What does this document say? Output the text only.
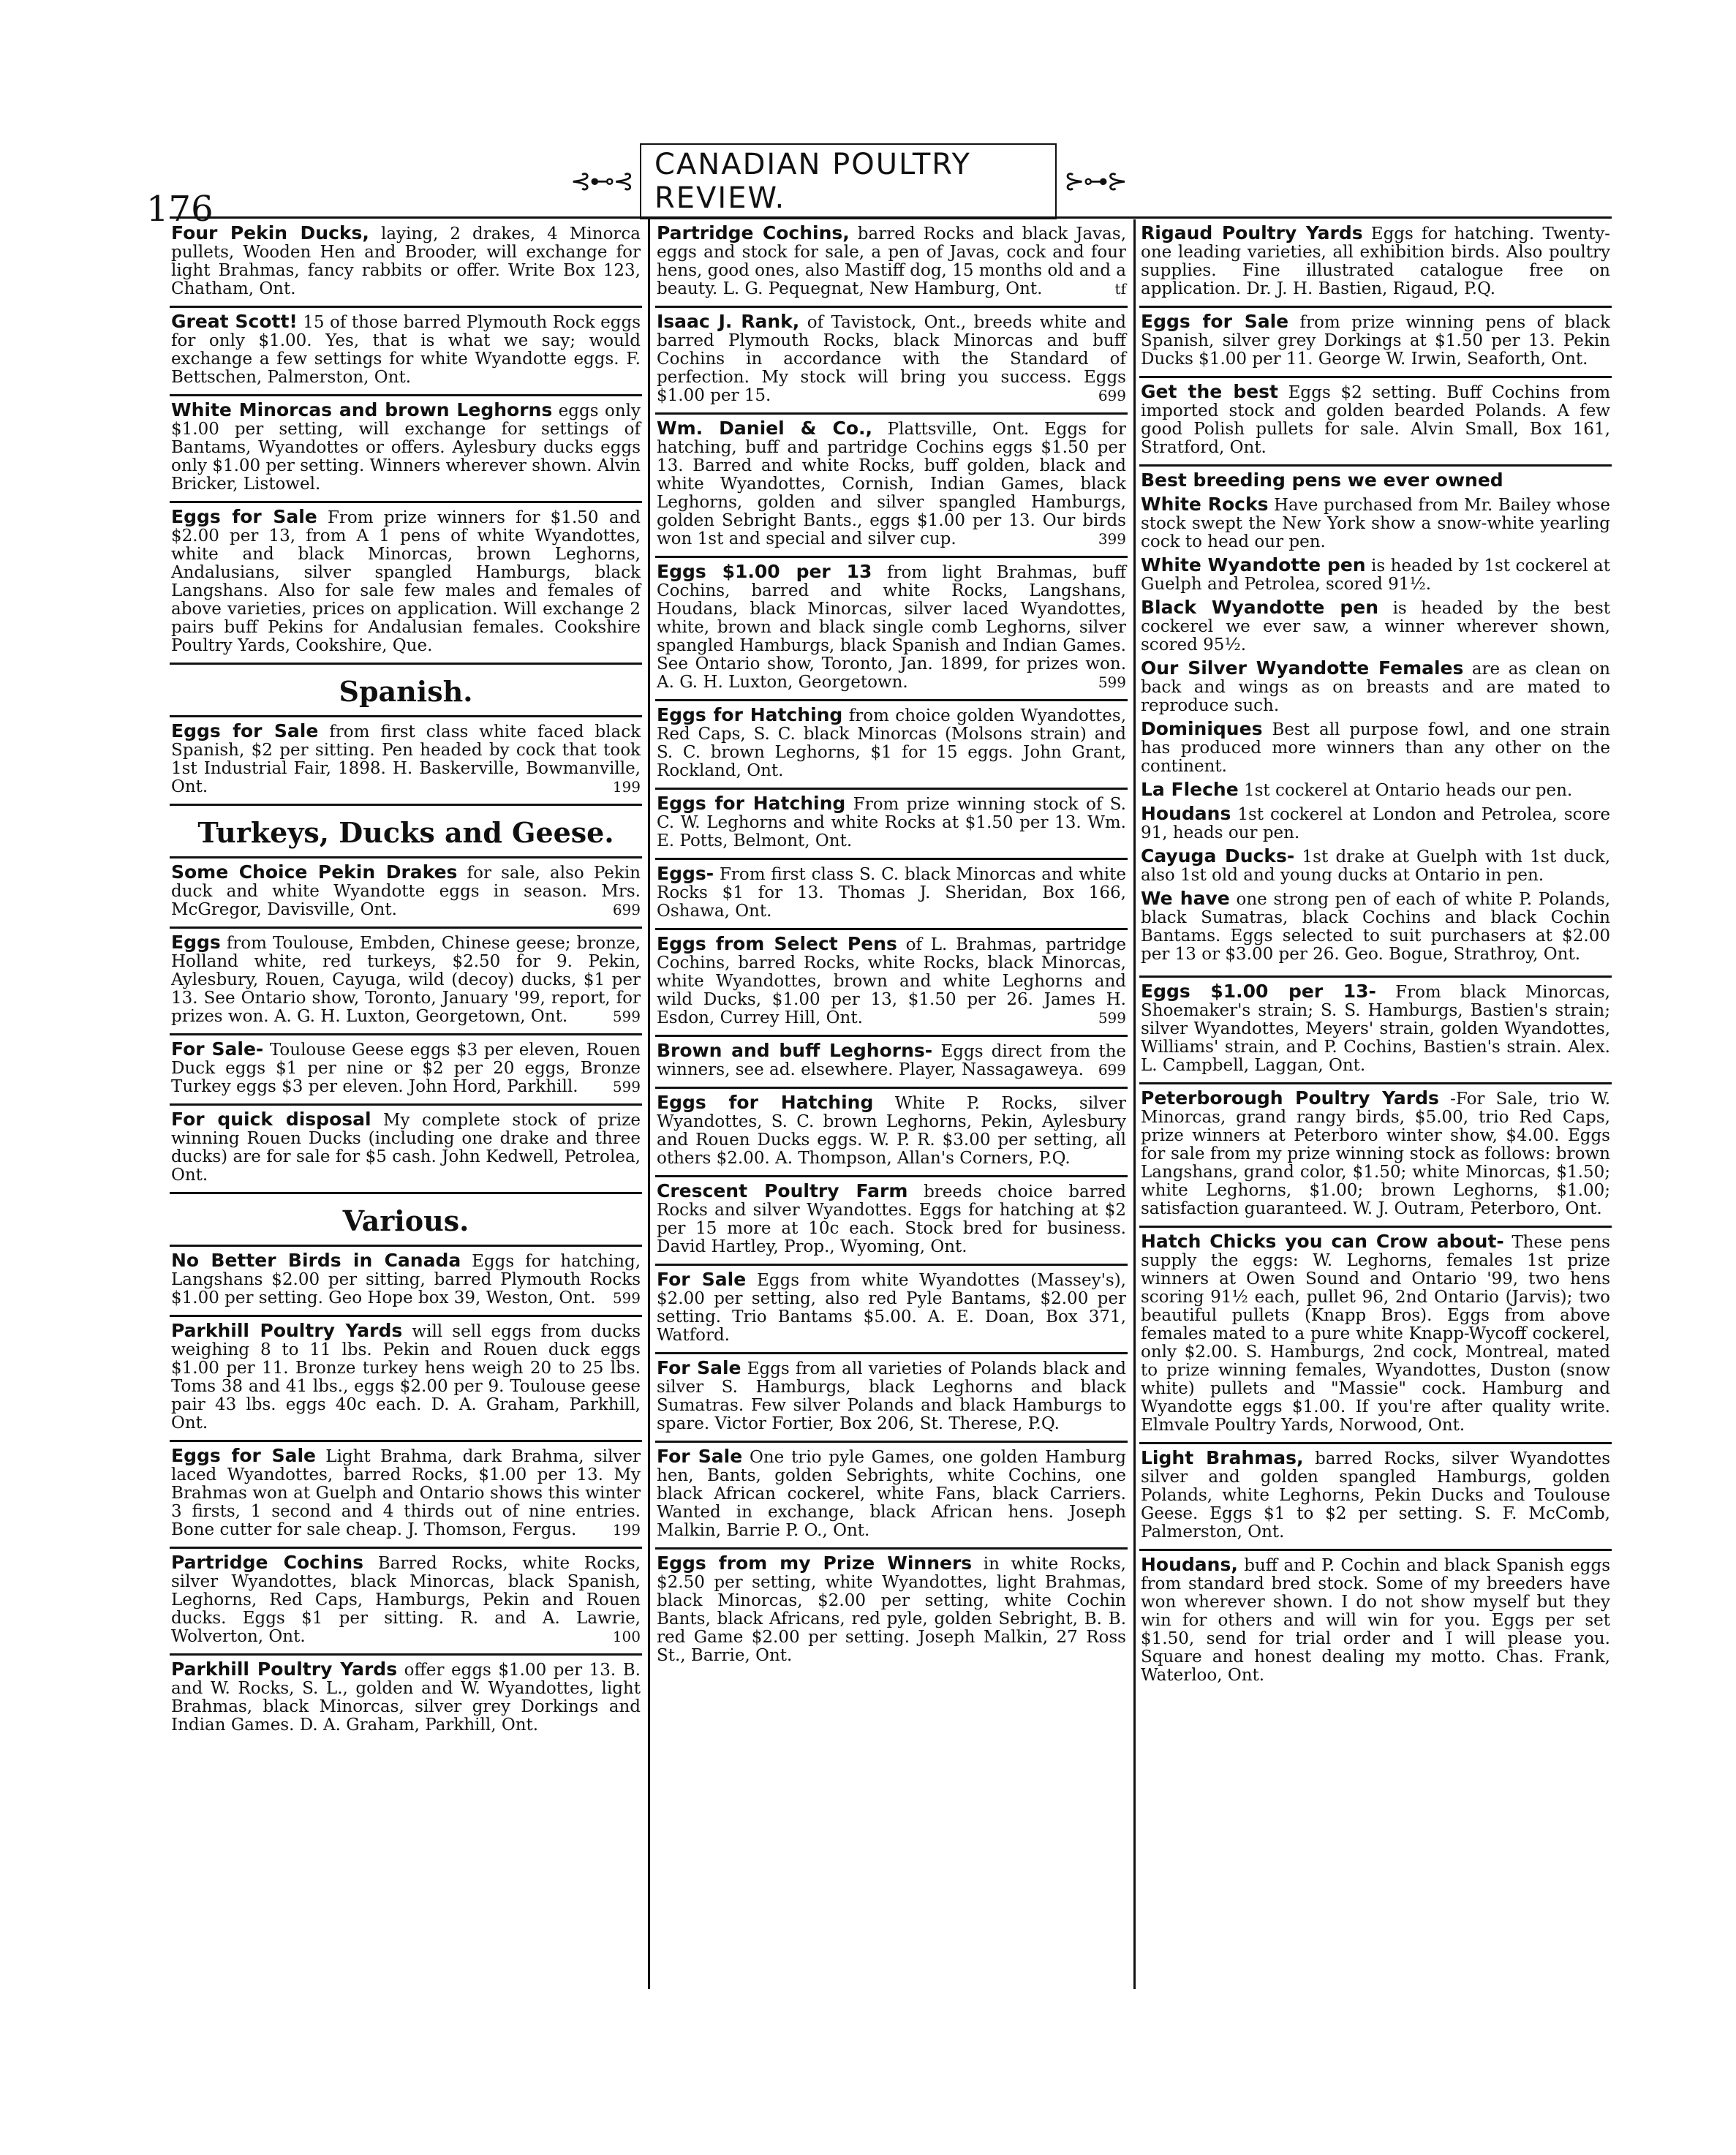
176
⊰⊷⊰ CANADIAN POULTRY REVIEW.	⊱⊶⊱
Four Pekin Ducks, laying, 2 drakes, 4 Minorca pullets, Wooden Hen and Brooder, will exchange for light Brahmas, fancy rabbits or offer. Write Box 123, Chatham, Ont.
Great Scott! 15 of those barred Plymouth Rock eggs for only $1.00. Yes, that is what we say; would exchange a few settings for white Wyandotte eggs. F. Bettschen, Palmerston, Ont.
White Minorcas and brown Leghorns eggs only $1.00 per setting, will exchange for settings of Bantams, Wyandottes or offers. Aylesbury ducks eggs only $1.00 per setting. Winners wherever shown. Alvin Bricker, Listowel.
Eggs for Sale From prize winners for $1.50 and $2.00 per 13, from A 1 pens of white Wyandottes, white and black Minorcas, brown Leghorns, Andalusians, silver spangled Hamburgs, black Langshans. Also for sale few males and females of above varieties, prices on application. Will exchange 2 pairs buff Pekins for Andalusian females. Cookshire Poultry Yards, Cookshire, Que.
Spanish.
Eggs for Sale from first class white faced black Spanish, $2 per sitting. Pen headed by cock that took 1st Industrial Fair, 1898. H. Baskerville, Bowmanville, Ont.	199
Turkeys, Ducks and Geese.
Some Choice Pekin Drakes for sale, also Pekin duck and white Wyandotte eggs in season. Mrs. McGregor, Davisville, Ont.	699
Eggs from Toulouse, Embden, Chinese geese; bronze, Holland white, red turkeys, $2.50 for 9. Pekin, Aylesbury, Rouen, Cayuga, wild (decoy) ducks, $1 per 13. See Ontario show, Toronto, January '99, report, for prizes won. A. G. H. Luxton, Georgetown, Ont.	599
For Sale- Toulouse Geese eggs $3 per eleven, Rouen Duck eggs $1 per nine or $2 per 20 eggs, Bronze Turkey eggs $3 per eleven. John Hord, Parkhill. 599
For quick disposal My complete stock of prize winning Rouen Ducks (including one drake and three ducks) are for sale for $5 cash. John Kedwell, Petrolea, Ont.
Various.
No Better Birds in Canada Eggs for hatching, Langshans $2.00 per sitting, barred Plymouth Rocks $1.00 per setting. Geo Hope box 39, Weston, Ont. 599
Parkhill Poultry Yards will sell eggs from ducks weighing 8 to 11 lbs. Pekin and Rouen duck eggs $1.00 per 11. Bronze turkey hens weigh 20 to 25 lbs. Toms 38 and 41 lbs., eggs $2.00 per 9. Toulouse geese pair 43 lbs. eggs 40c each. D. A. Graham, Parkhill, Ont.
Eggs for Sale Light Brahma, dark Brahma, silver laced Wyandottes, barred Rocks, $1.00 per 13. My Brahmas won at Guelph and Ontario shows this winter 3 firsts, 1 second and 4 thirds out of nine entries. Bone cutter for sale cheap. J. Thomson, Fergus. 199
Partridge Cochins Barred Rocks, white Rocks, silver Wyandottes, black Minorcas, black Spanish, Leghorns, Red Caps, Hamburgs, Pekin and Rouen ducks. Eggs $1 per sitting. R. and A. Lawrie, Wolverton, Ont.	100
Parkhill Poultry Yards offer eggs $1.00 per 13. B. and W. Rocks, S. L., golden and W. Wyandottes, light Brahmas, black Minorcas, silver grey Dorkings and Indian Games. D. A. Graham, Parkhill, Ont.
Partridge Cochins, barred Rocks and black Javas, eggs and stock for sale, a pen of Javas, cock and four hens, good ones, also Mastiff dog, 15 months old and a beauty. L. G. Pequegnat, New Hamburg, Ont.	tf
Isaac J. Rank, of Tavistock, Ont., breeds white and barred Plymouth Rocks, black Minorcas and buff Cochins in accordance with the Standard of perfection. My stock will bring you success. Eggs $1.00 per 15.	699
Wm. Daniel & Co., Plattsville, Ont. Eggs for hatching, buff and partridge Cochins eggs $1.50 per 13. Barred and white Rocks, buff golden, black and white Wyandottes, Cornish, Indian Games, black Leghorns, golden and silver spangled Hamburgs, golden Sebright Bants., eggs $1.00 per 13. Our birds won 1st and special and silver cup.	399
Eggs $1.00 per 13 from light Brahmas, buff Cochins, barred and white Rocks, Langshans, Houdans, black Minorcas, silver laced Wyandottes, white, brown and black single comb Leghorns, silver spangled Hamburgs, black Spanish and Indian Games. See Ontario show, Toronto, Jan. 1899, for prizes won. A. G. H. Luxton, Georgetown.	599
Eggs for Hatching from choice golden Wyandottes, Red Caps, S. C. black Minorcas (Molsons strain) and S. C. brown Leghorns, $1 for 15 eggs. John Grant, Rockland, Ont.
Eggs for Hatching From prize winning stock of S. C. W. Leghorns and white Rocks at $1.50 per 13. Wm. E. Potts, Belmont, Ont.
Eggs- From first class S. C. black Minorcas and white Rocks $1 for 13. Thomas J. Sheridan, Box 166, Oshawa, Ont.
Eggs from Select Pens of L. Brahmas, partridge Cochins, barred Rocks, white Rocks, black Minorcas, white Wyandottes, brown and white Leghorns and wild Ducks, $1.00 per 13, $1.50 per 26. James H. Esdon, Currey Hill, Ont.	599
Brown and buff Leghorns- Eggs direct from the winners, see ad. elsewhere. Player, Nassagaweya. 699
Eggs for Hatching White P. Rocks, silver Wyandottes, S. C. brown Leghorns, Pekin, Aylesbury and Rouen Ducks eggs. W. P. R. $3.00 per setting, all others $2.00. A. Thompson, Allan's Corners, P.Q.
Crescent Poultry Farm breeds choice barred Rocks and silver Wyandottes. Eggs for hatching at $2 per 15 more at 10c each. Stock bred for business. David Hartley, Prop., Wyoming, Ont.
For Sale Eggs from white Wyandottes (Massey's), $2.00 per setting, also red Pyle Bantams, $2.00 per setting. Trio Bantams $5.00. A. E. Doan, Box 371, Watford.
For Sale Eggs from all varieties of Polands black and silver S. Hamburgs, black Leghorns and black Sumatras. Few silver Polands and black Hamburgs to spare. Victor Fortier, Box 206, St. Therese, P.Q.
For Sale One trio pyle Games, one golden Hamburg hen, Bants, golden Sebrights, white Cochins, one black African cockerel, white Fans, black Carriers. Wanted in exchange, black African hens. Joseph Malkin, Barrie P. O., Ont.
Eggs from my Prize Winners in white Rocks, $2.50 per setting, white Wyandottes, light Brahmas, black Minorcas, $2.00 per setting, white Cochin Bants, black Africans, red pyle, golden Sebright, B. B. red Game $2.00 per setting. Joseph Malkin, 27 Ross St., Barrie, Ont.
Rigaud Poultry Yards Eggs for hatching. Twenty-one leading varieties, all exhibition birds. Also poultry supplies. Fine illustrated catalogue free on application. Dr. J. H. Bastien, Rigaud, P.Q.
Eggs for Sale from prize winning pens of black Spanish, silver grey Dorkings at $1.50 per 13. Pekin Ducks $1.00 per 11. George W. Irwin, Seaforth, Ont.
Get the best Eggs $2 setting. Buff Cochins from imported stock and golden bearded Polands. A few good Polish pullets for sale. Alvin Small, Box 161, Stratford, Ont.
Best breeding pens we ever owned
White Rocks Have purchased from Mr. Bailey whose stock swept the New York show a snow-white yearling cock to head our pen.
White Wyandotte pen is headed by 1st cockerel at Guelph and Petrolea, scored 91½.
Black Wyandotte pen is headed by the best cockerel we ever saw, a winner wherever shown, scored 95½.
Our Silver Wyandotte Females are as clean on back and wings as on breasts and are mated to reproduce such.
Dominiques Best all purpose fowl, and one strain has produced more winners than any other on the continent.
La Fleche 1st cockerel at Ontario heads our pen.
Houdans 1st cockerel at London and Petrolea, score 91, heads our pen.
Cayuga Ducks- 1st drake at Guelph with 1st duck, also 1st old and young ducks at Ontario in pen.
We have one strong pen of each of white P. Polands, black Sumatras, black Cochins and black Cochin Bantams. Eggs selected to suit purchasers at $2.00 per 13 or $3.00 per 26. Geo. Bogue, Strathroy, Ont.
Eggs $1.00 per 13- From black Minorcas, Shoemaker's strain; S. S. Hamburgs, Bastien's strain; silver Wyandottes, Meyers' strain, golden Wyandottes, Williams' strain, and P. Cochins, Bastien's strain. Alex. L. Campbell, Laggan, Ont.
Peterborough Poultry Yards -For Sale, trio W. Minorcas, grand rangy birds, $5.00, trio Red Caps, prize winners at Peterboro winter show, $4.00. Eggs for sale from my prize winning stock as follows: brown Langshans, grand color, $1.50; white Minorcas, $1.50; white Leghorns, $1.00; brown Leghorns, $1.00; satisfaction guaranteed. W. J. Outram, Peterboro, Ont.
Hatch Chicks you can Crow about- These pens supply the eggs: W. Leghorns, females 1st prize winners at Owen Sound and Ontario '99, two hens scoring 91½ each, pullet 96, 2nd Ontario (Jarvis); two beautiful pullets (Knapp Bros). Eggs from above females mated to a pure white Knapp-Wycoff cockerel, only $2.00. S. Hamburgs, 2nd cock, Montreal, mated to prize winning females, Wyandottes, Duston (snow white) pullets and "Massie" cock. Hamburg and Wyandotte eggs $1.00. If you're after quality write. Elmvale Poultry Yards, Norwood, Ont.
Light Brahmas, barred Rocks, silver Wyandottes silver and golden spangled Hamburgs, golden Polands, white Leghorns, Pekin Ducks and Toulouse Geese. Eggs $1 to $2 per setting. S. F. McComb, Palmerston, Ont.
Houdans, buff and P. Cochin and black Spanish eggs from standard bred stock. Some of my breeders have won wherever shown. I do not show myself but they win for others and will win for you. Eggs per set $1.50, send for trial order and I will please you. Square and honest dealing my motto. Chas. Frank, Waterloo, Ont.
